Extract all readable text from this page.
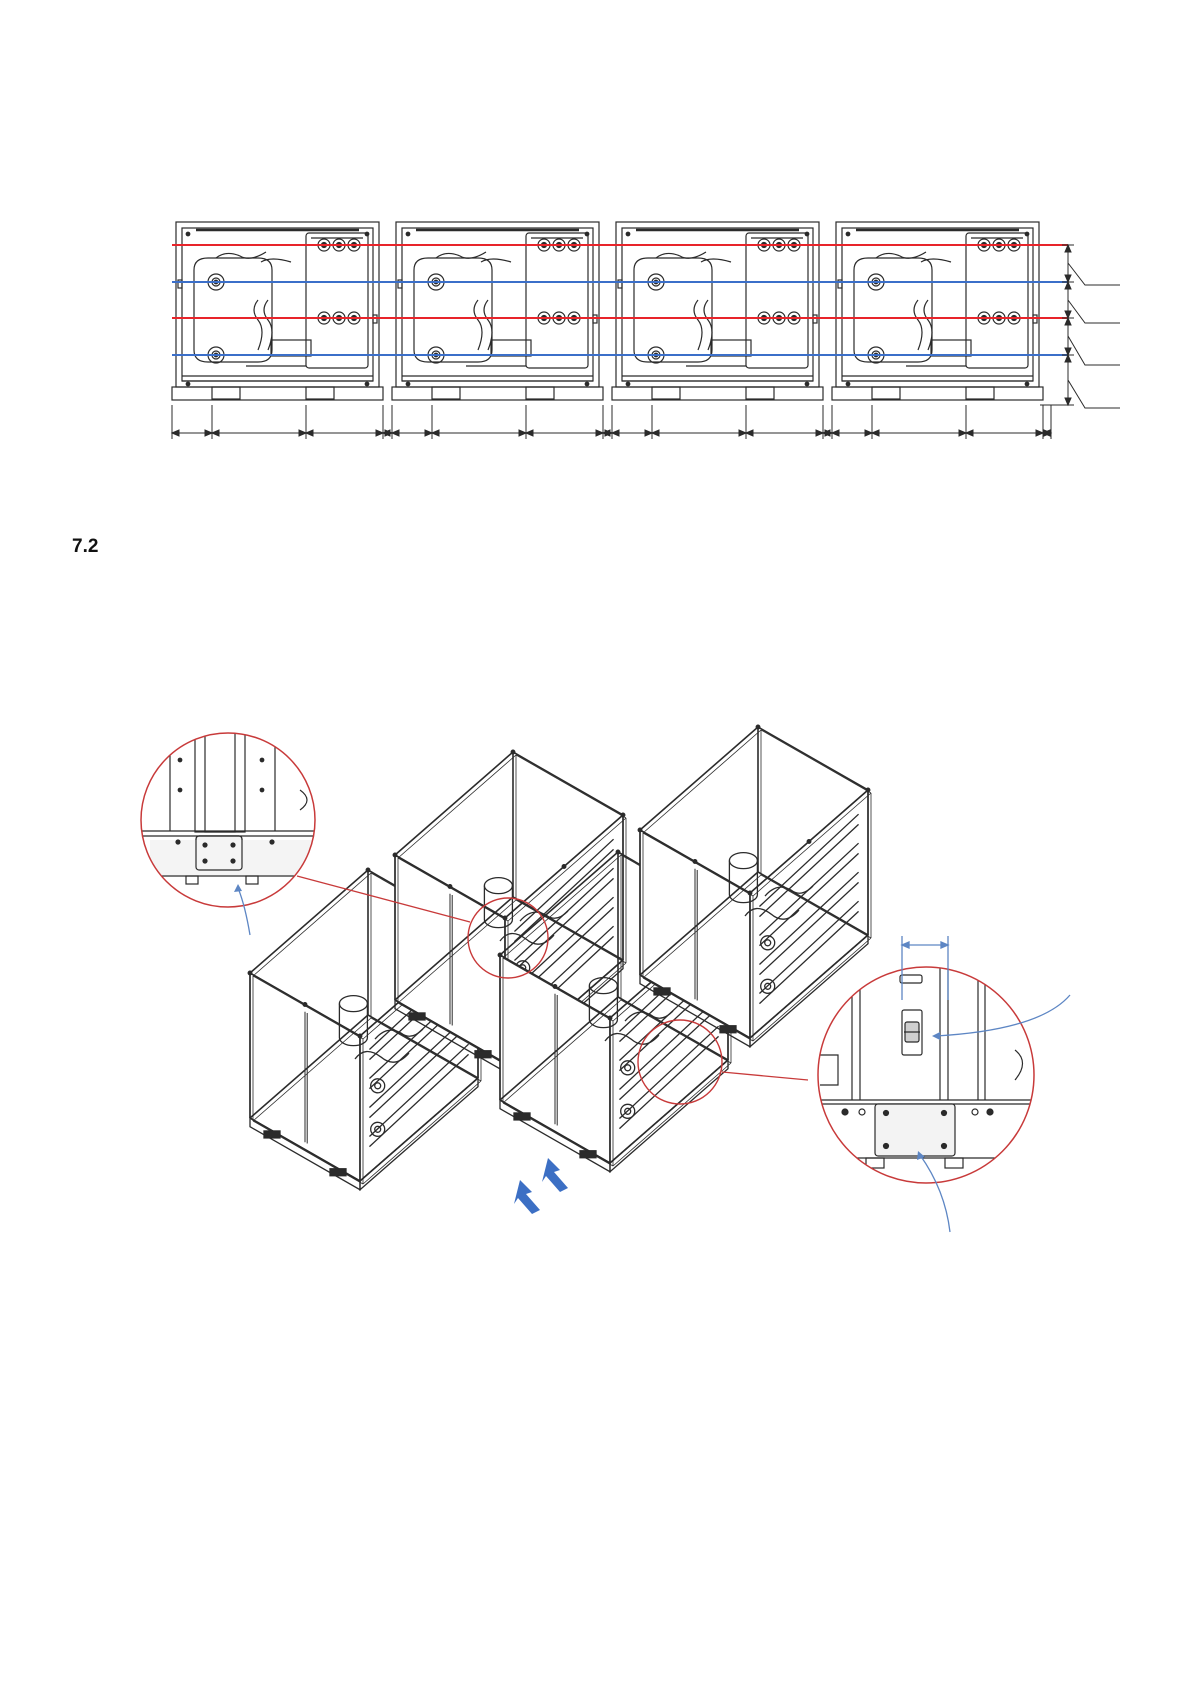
7.2
